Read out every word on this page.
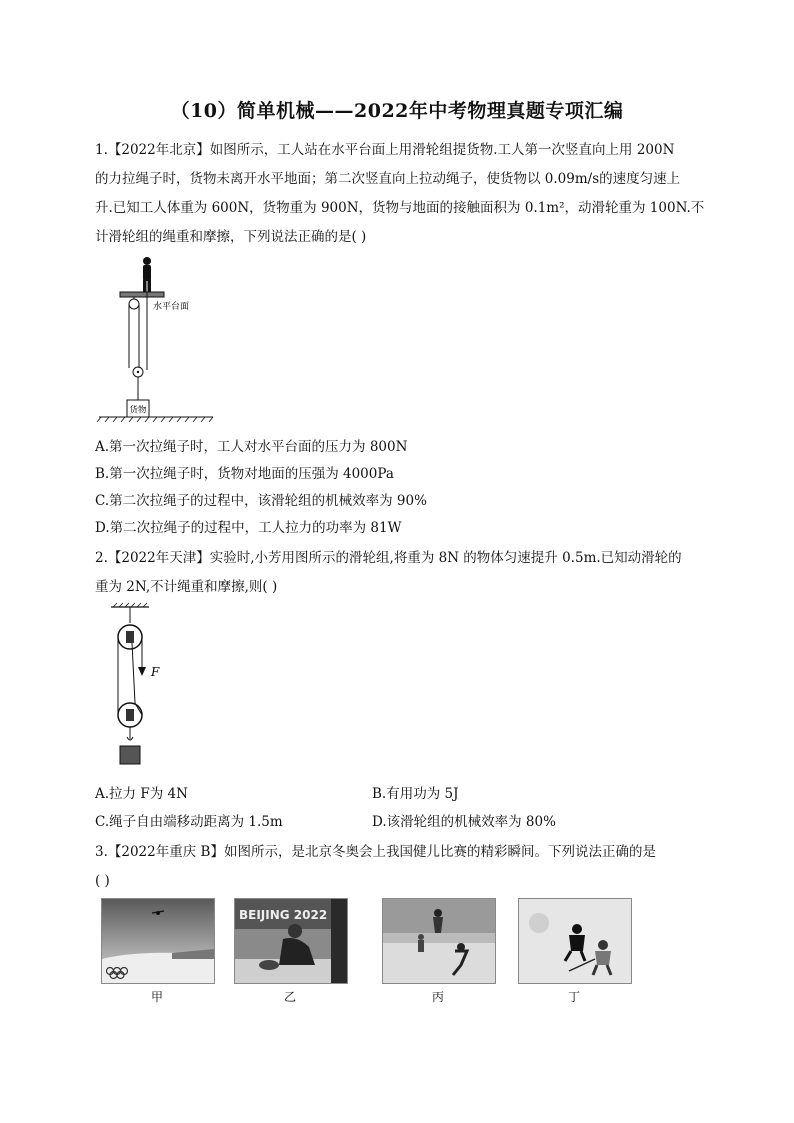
（10）简单机械——2022年中考物理真题专项汇编
1.【2022年北京】如图所示，工人站在水平台面上用滑轮组提货物.工人第一次竖直向上用 200N
的力拉绳子时，货物未离开水平地面；第二次竖直向上拉动绳子，使货物以 0.09m/s的速度匀速上
升.已知工人体重为 600N，货物重为 900N，货物与地面的接触面积为 0.1m²，动滑轮重为 100N.不
计滑轮组的绳重和摩擦，下列说法正确的是( )
货物
水平台面
A.第一次拉绳子时，工人对水平台面的压力为 800N
B.第一次拉绳子时，货物对地面的压强为 4000Pa
C.第二次拉绳子的过程中，该滑轮组的机械效率为 90%
D.第二次拉绳子的过程中，工人拉力的功率为 81W
2.【2022年天津】实验时,小芳用图所示的滑轮组,将重为 8N 的物体匀速提升 0.5m.已知动滑轮的
重为 2N,不计绳重和摩擦,则( )
F
A.拉力 F为 4N	B.有用功为 5J
C.绳子自由端移动距离为 1.5m	D.该滑轮组的机械效率为 80%
3.【2022年重庆 B】如图所示，是北京冬奥会上我国健儿比赛的精彩瞬间。下列说法正确的是
( )
甲
BEIJING 2022
乙	丙	丁
